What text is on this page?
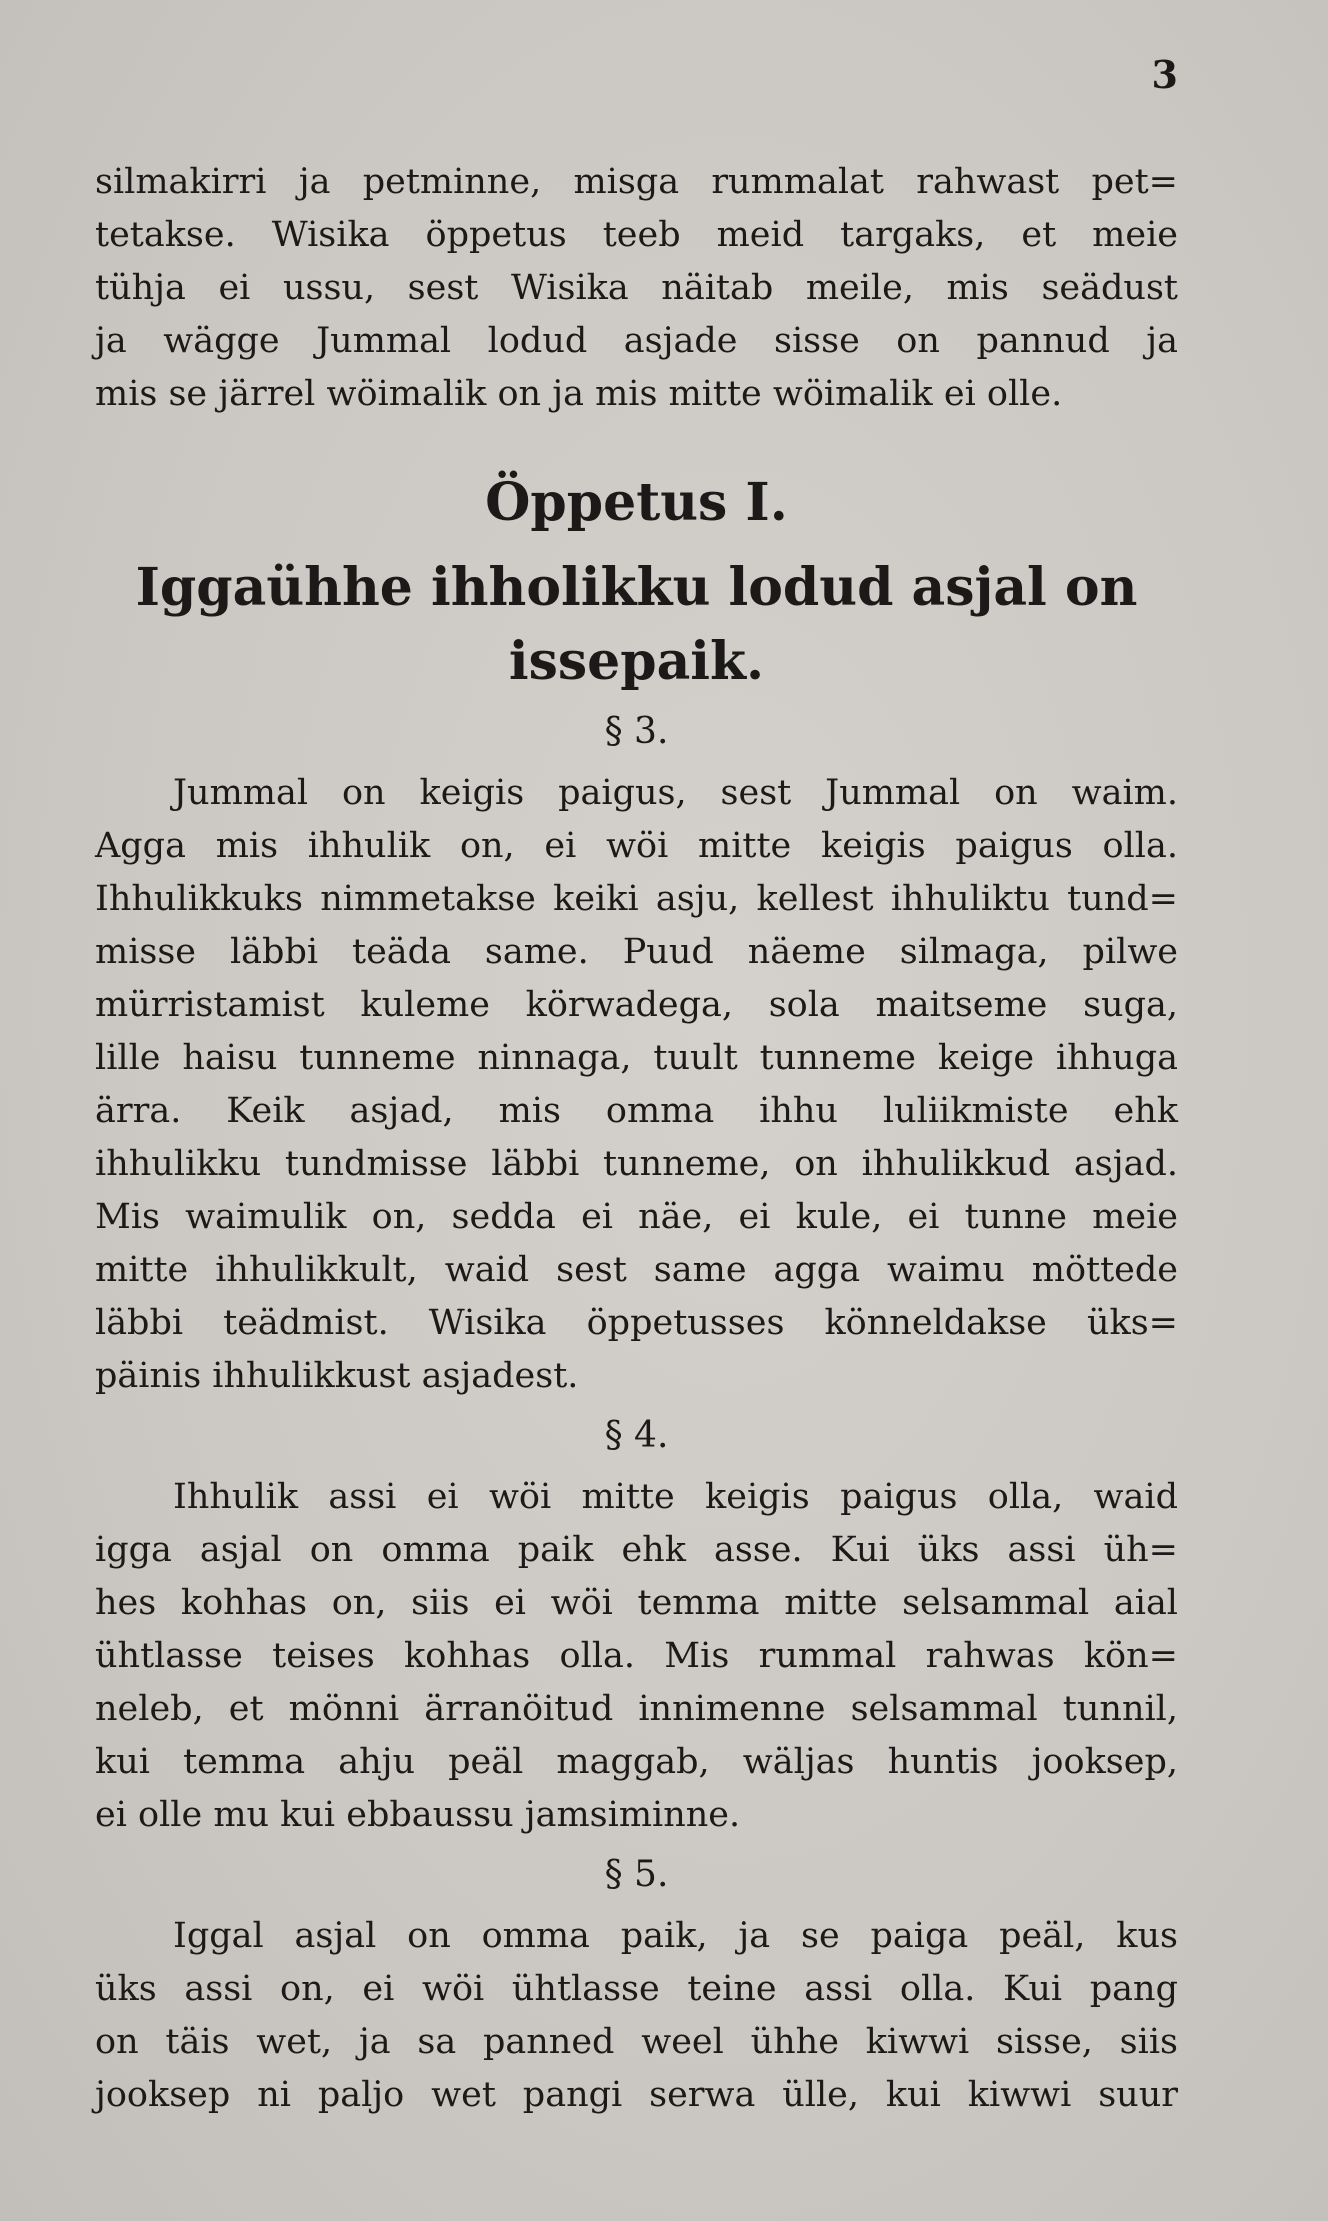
3

silmakirri ja petminne, misga rummalat rahwast pet=
tetakse. Wisika öppetus teeb meid targaks, et meie
tühja ei ussu, sest Wisika näitab meile, mis seädust
ja wägge Jummal lodud asjade sisse on pannud ja
mis se järrel wöimalik on ja mis mitte wöimalik ei olle.

Öppetus I.
Iggaühhe ihholikku lodud asjal on
issepaik.
§ 3.

Jummal on keigis paigus, sest Jummal on waim.
Agga mis ihhulik on, ei wöi mitte keigis paigus olla.
Ihhulikkuks nimmetakse keiki asju, kellest ihhuliktu tund=
misse läbbi teäda same. Puud näeme silmaga, pilwe
mürristamist kuleme körwadega, sola maitseme suga,
lille haisu tunneme ninnaga, tuult tunneme keige ihhuga
ärra. Keik asjad, mis omma ihhu luliikmiste ehk
ihhulikku tundmisse läbbi tunneme, on ihhulikkud asjad.
Mis waimulik on, sedda ei näe, ei kule, ei tunne meie
mitte ihhulikkult, waid sest same agga waimu möttede
läbbi teädmist. Wisika öppetusses könneldakse üks=
päinis ihhulikkust asjadest.

§ 4.

Ihhulik assi ei wöi mitte keigis paigus olla, waid
igga asjal on omma paik ehk asse. Kui üks assi üh=
hes kohhas on, siis ei wöi temma mitte selsammal aial
ühtlasse teises kohhas olla. Mis rummal rahwas kön=
neleb, et mönni ärranöitud innimenne selsammal tunnil,
kui temma ahju peäl maggab, wäljas huntis jooksep,
ei olle mu kui ebbaussu jamsiminne.

§ 5.

Iggal asjal on omma paik, ja se paiga peäl, kus
üks assi on, ei wöi ühtlasse teine assi olla. Kui pang
on täis wet, ja sa panned weel ühhe kiwwi sisse, siis
jooksep ni paljo wet pangi serwa ülle, kui kiwwi suur
